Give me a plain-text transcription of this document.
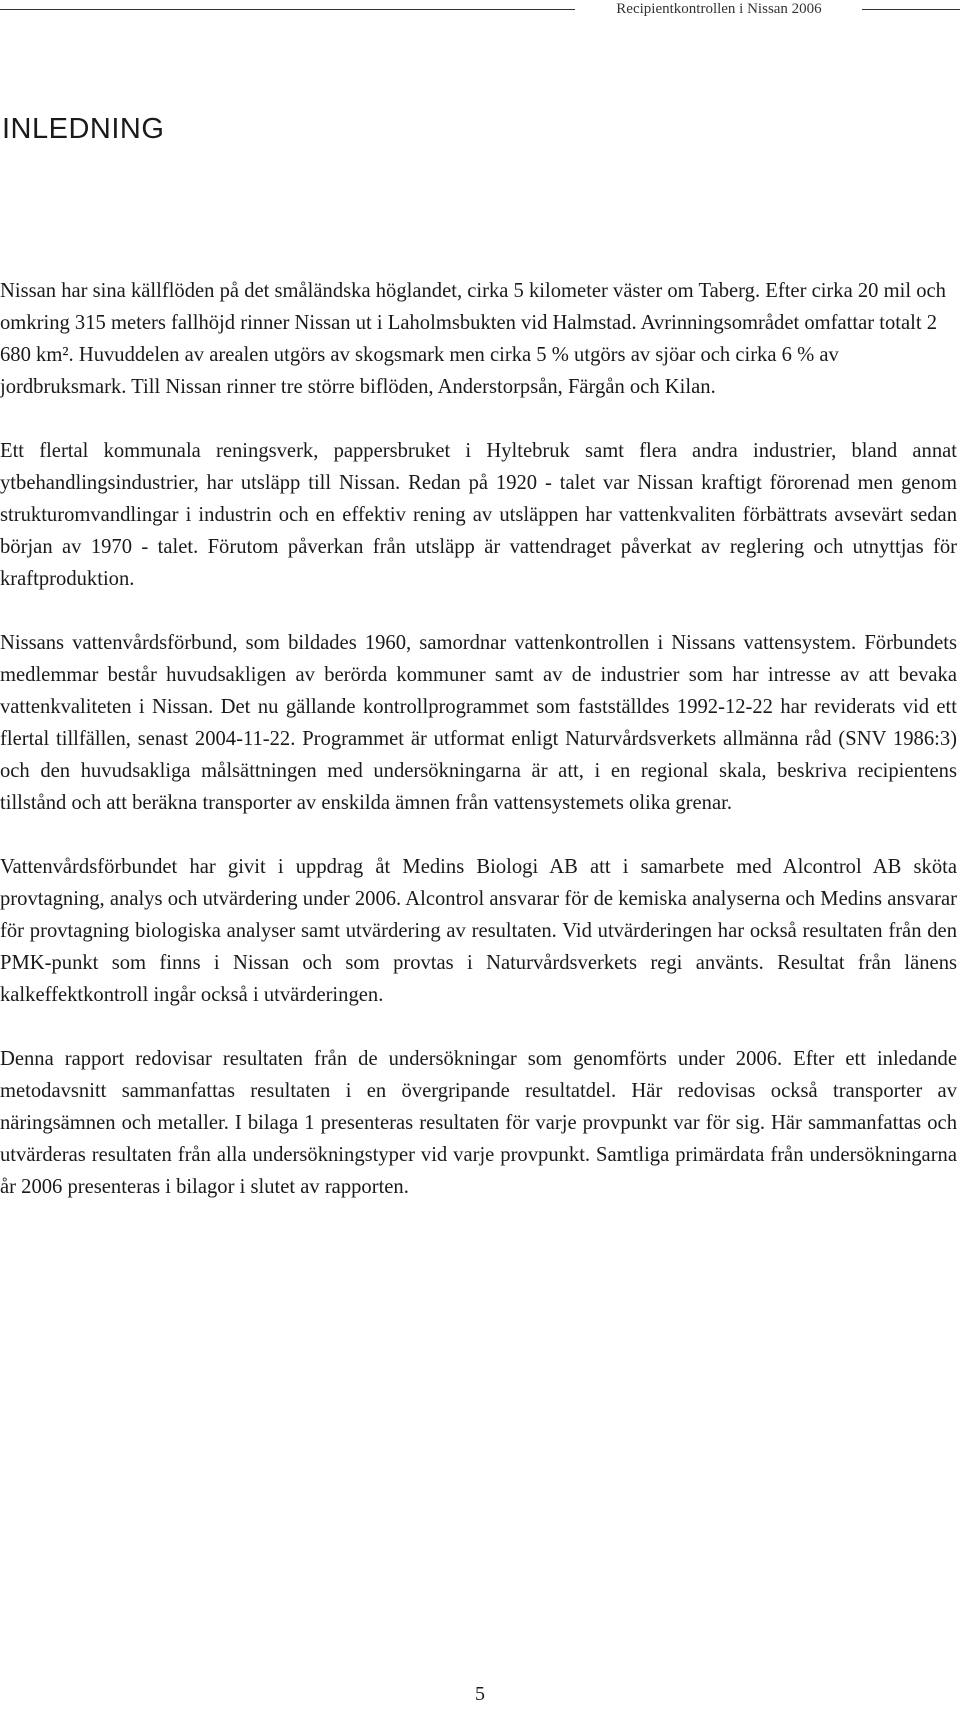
Recipientkontrollen i Nissan 2006
INLEDNING

Nissan har sina källflöden på det småländska höglandet, cirka 5 kilometer väster om Taberg. Efter cirka 20 mil och omkring 315 meters fallhöjd rinner Nissan ut i Laholmsbukten vid Halmstad. Avrinningsområdet omfattar totalt 2 680 km². Huvuddelen av arealen utgörs av skogsmark men cirka 5 % utgörs av sjöar och cirka 6 % av jordbruksmark. Till Nissan rinner tre större biflöden, Anderstorpsån, Färgån och Kilan.

Ett flertal kommunala reningsverk, pappersbruket i Hyltebruk samt flera andra industrier, bland annat ytbehandlingsindustrier, har utsläpp till Nissan. Redan på 1920 - talet var Nissan kraftigt förorenad men genom strukturomvandlingar i industrin och en effektiv rening av utsläppen har vattenkvaliten förbättrats avsevärt sedan början av 1970 - talet. Förutom påverkan från utsläpp är vattendraget påverkat av reglering och utnyttjas för kraftproduktion.

Nissans vattenvårdsförbund, som bildades 1960, samordnar vattenkontrollen i Nissans vattensystem. Förbundets medlemmar består huvudsakligen av berörda kommuner samt av de industrier som har intresse av att bevaka vattenkvaliteten i Nissan. Det nu gällande kontrollprogrammet som fastställdes 1992-12-22 har reviderats vid ett flertal tillfällen, senast 2004-11-22. Programmet är utformat enligt Naturvårdsverkets allmänna råd (SNV 1986:3) och den huvudsakliga målsättningen med undersökningarna är att, i en regional skala, beskriva recipientens tillstånd och att beräkna transporter av enskilda ämnen från vattensystemets olika grenar.

Vattenvårdsförbundet har givit i uppdrag åt Medins Biologi AB att i samarbete med Alcontrol AB sköta provtagning, analys och utvärdering under 2006. Alcontrol ansvarar för de kemiska analyserna och Medins ansvarar för provtagning biologiska analyser samt utvärdering av resultaten. Vid utvärderingen har också resultaten från den PMK-punkt som finns i Nissan och som provtas i Naturvårdsverkets regi använts. Resultat från länens kalkeffektkontroll ingår också i utvärderingen.

Denna rapport redovisar resultaten från de undersökningar som genomförts under 2006. Efter ett inledande metodavsnitt sammanfattas resultaten i en övergripande resultatdel. Här redovisas också transporter av näringsämnen och metaller. I bilaga 1 presenteras resultaten för varje provpunkt var för sig. Här sammanfattas och utvärderas resultaten från alla undersökningstyper vid varje provpunkt. Samtliga primärdata från undersökningarna år 2006 presenteras i bilagor i slutet av rapporten.

5
